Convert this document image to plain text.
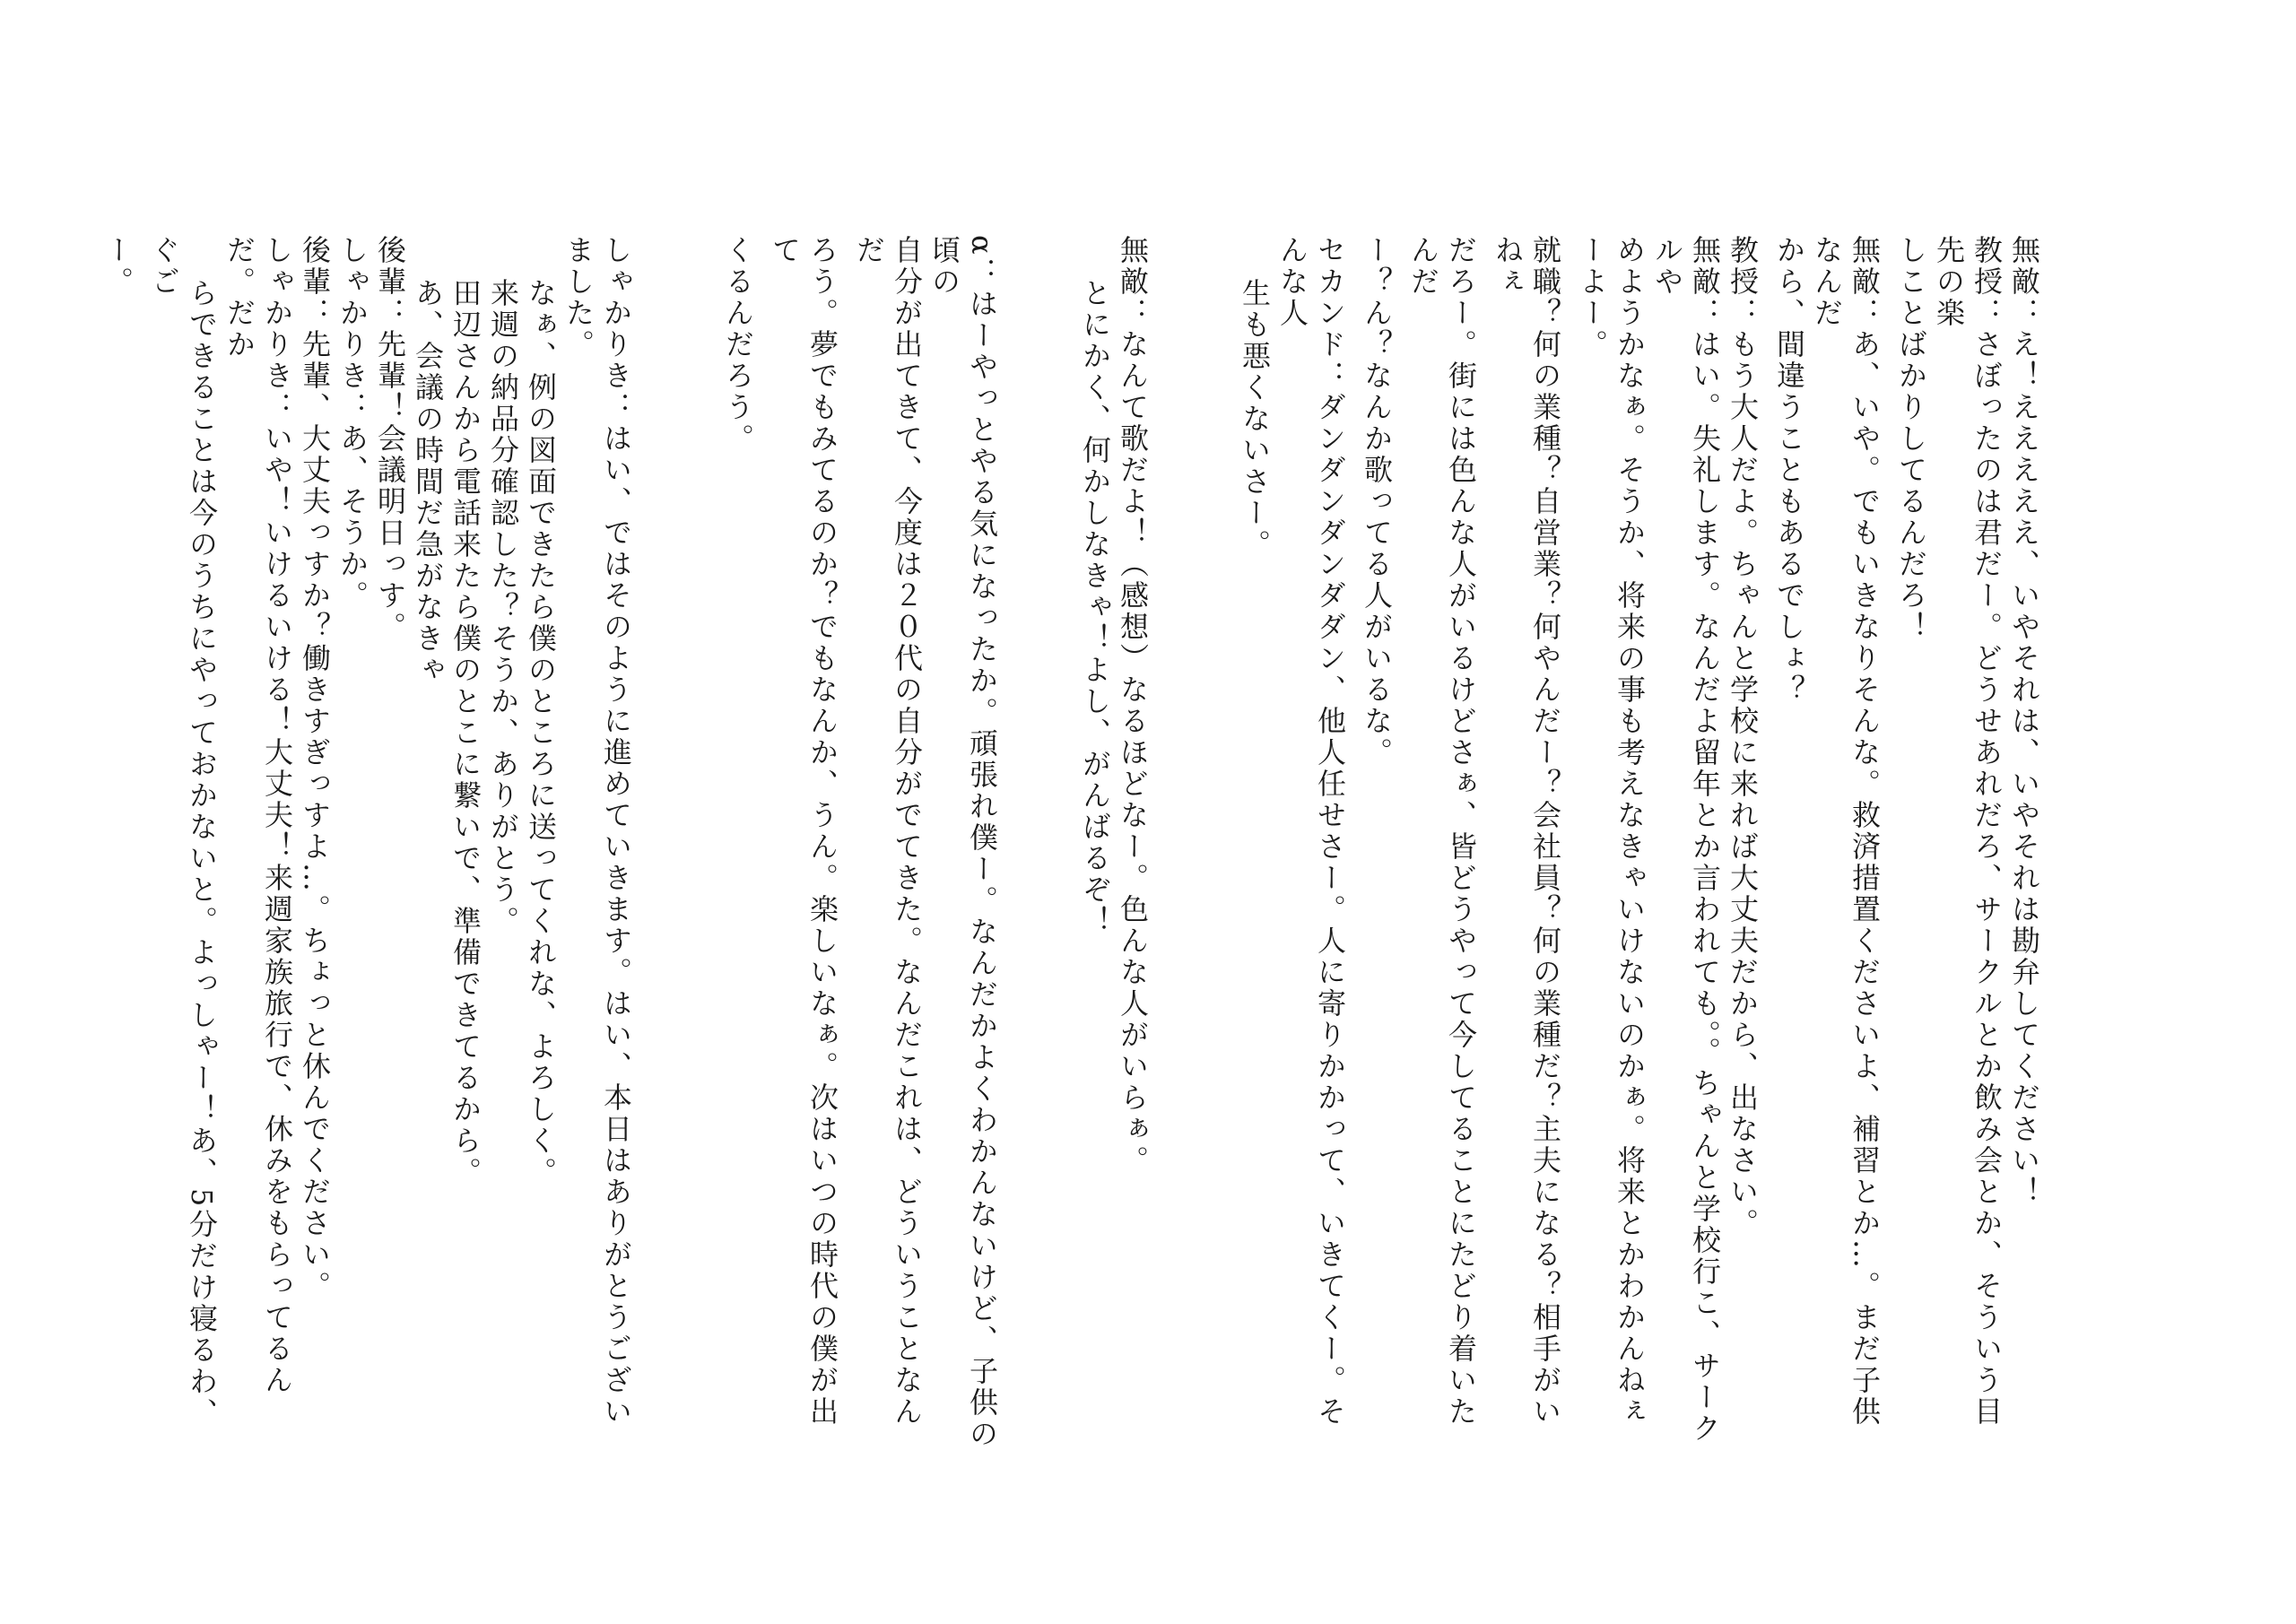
無敵：え！えええええ、いやそれは、いやそれは勘弁してください！

教授：さぼったのは君だー。どうせあれだろ、サークルとか飲み会とか、そういう目先の楽

しことばかりしてるんだろ！

無敵：あ、いや。でもいきなりそんな。救済措置くださいよ、補習とか…。まだ子供なんだ

から、間違うこともあるでしょ？

教授：もう大人だよ。ちゃんと学校に来れば大丈夫だから、出なさい。

無敵：はい。失礼します。なんだよ留年とか言われても。。ちゃんと学校行こ、サークルや

めようかなぁ。そうか、将来の事も考えなきゃいけないのかぁ。将来とかわかんねぇーよー。

就職？何の業種？自営業？何やんだー？会社員？何の業種だ？主夫になる？相手がいねぇ

だろー。街には色んな人がいるけどさぁ、皆どうやって今してることにたどり着いたんだ

ー？ん？なんか歌ってる人がいるな。

セカンド：ダンダンダンダダン、他人任せさー。人に寄りかかって、いきてくー。そんな人

生も悪くないさー。

無敵：なんて歌だよ！（感想）なるほどなー。色んな人がいらぁ。

とにかく、何かしなきゃ！よし、がんばるぞ！

α：はーやっとやる気になったか。頑張れ僕ー。なんだかよくわかんないけど、子供の頃の

自分が出てきて、今度は２０代の自分がでてきた。なんだこれは、どういうことなんだ

ろう。夢でもみてるのか？でもなんか、うん。楽しいなぁ。次はいつの時代の僕が出て

くるんだろう。

しゃかりき：はい、ではそのように進めていきます。はい、本日はありがとうございました。

なぁ、例の図面できたら僕のところに送ってくれな、よろしく。

来週の納品分確認した？そうか、ありがとう。

田辺さんから電話来たら僕のとこに繋いで、準備できてるから。

あ、会議の時間だ急がなきゃ

後輩：先輩！会議明日っす。

しゃかりき：あ、そうか。

後輩：先輩、大丈夫っすか？働きすぎっすよ…。ちょっと休んでください。

しゃかりき：いや！いけるいける！大丈夫！来週家族旅行で、休みをもらってるんだ。だか

らできることは今のうちにやっておかないと。よっしゃー！あ、5分だけ寝るわ、ぐご

ー。
